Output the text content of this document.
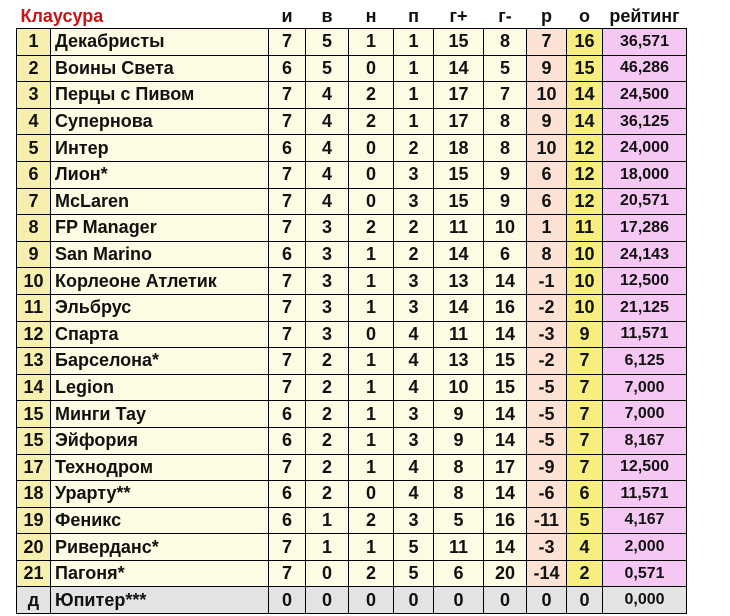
Клаусура		и	в	н	п	г+	г-	р	о	рейтинг
1	Декабристы	7	5	1	1	15	8	7	16	36,571
2	Воины Света	6	5	0	1	14	5	9	15	46,286
3	Перцы с Пивом	7	4	2	1	17	7	10	14	24,500
4	Супернова	7	4	2	1	17	8	9	14	36,125
5	Интер	6	4	0	2	18	8	10	12	24,000
6	Лион*	7	4	0	3	15	9	6	12	18,000
7	McLaren	7	4	0	3	15	9	6	12	20,571
8	FP Manager	7	3	2	2	11	10	1	11	17,286
9	San Marino	6	3	1	2	14	6	8	10	24,143
10	Корлеоне Атлетик	7	3	1	3	13	14	-1	10	12,500
11	Эльбрус	7	3	1	3	14	16	-2	10	21,125
12	Спарта	7	3	0	4	11	14	-3	9	11,571
13	Барселона*	7	2	1	4	13	15	-2	7	6,125
14	Legion	7	2	1	4	10	15	-5	7	7,000
15	Минги Тау	6	2	1	3	9	14	-5	7	7,000
15	Эйфория	6	2	1	3	9	14	-5	7	8,167
17	Технодром	7	2	1	4	8	17	-9	7	12,500
18	Урарту**	6	2	0	4	8	14	-6	6	11,571
19	Феникс	6	1	2	3	5	16	-11	5	4,167
20	Риверданс*	7	1	1	5	11	14	-3	4	2,000
21	Пагоня*	7	0	2	5	6	20	-14	2	0,571
д	Юпитер***	0	0	0	0	0	0	0	0	0,000
